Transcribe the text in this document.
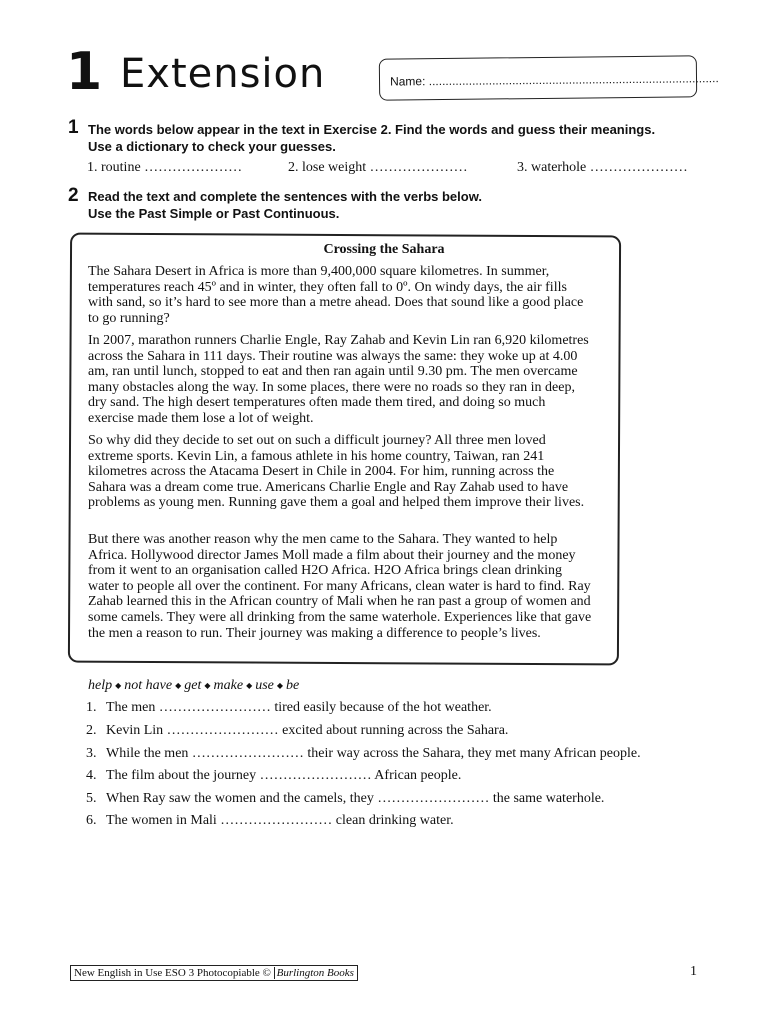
1 Extension	Name: .......................................................................................
1 The words below appear in the text in Exercise 2. Find the words and guess their meanings.
Use a dictionary to check your guesses.
1. routine …………………	2. lose weight …………………	3. waterhole …………………
2 Read the text and complete the sentences with the verbs below.
Use the Past Simple or Past Continuous.
Crossing the Sahara
The Sahara Desert in Africa is more than 9,400,000 square kilometres. In summer, temperatures reach 45º and in winter, they often fall to 0º. On windy days, the air fills with sand, so it’s hard to see more than a metre ahead. Does that sound like a good place to go running?
In 2007, marathon runners Charlie Engle, Ray Zahab and Kevin Lin ran 6,920 kilometres across the Sahara in 111 days. Their routine was always the same: they woke up at 4.00 am, ran until lunch, stopped to eat and then ran again until 9.30 pm. The men overcame many obstacles along the way. In some places, there were no roads so they ran in deep, dry sand. The high desert temperatures often made them tired, and doing so much exercise made them lose a lot of weight.
So why did they decide to set out on such a difficult journey? All three men loved extreme sports. Kevin Lin, a famous athlete in his home country, Taiwan, ran 241 kilometres across the Atacama Desert in Chile in 2004. For him, running across the Sahara was a dream come true. Americans Charlie Engle and Ray Zahab used to have problems as young men. Running gave them a goal and helped them improve their lives.
But there was another reason why the men came to the Sahara. They wanted to help Africa. Hollywood director James Moll made a film about their journey and the money from it went to an organisation called H2O Africa. H2O Africa brings clean drinking water to people all over the continent. For many Africans, clean water is hard to find. Ray Zahab learned this in the African country of Mali when he ran past a group of women and some camels. They were all drinking from the same waterhole. Experiences like that gave the men a reason to run. Their journey was making a difference to people’s lives.
help ◆ not have ◆ get ◆ make ◆ use ◆ be
1. The men …………………… tired easily because of the hot weather.
2. Kevin Lin …………………… excited about running across the Sahara.
3. While the men …………………… their way across the Sahara, they met many African people.
4. The film about the journey …………………… African people.
5. When Ray saw the women and the camels, they …………………… the same waterhole.
6. The women in Mali …………………… clean drinking water.
New English in Use ESO 3 Photocopiable © Burlington Books	1
